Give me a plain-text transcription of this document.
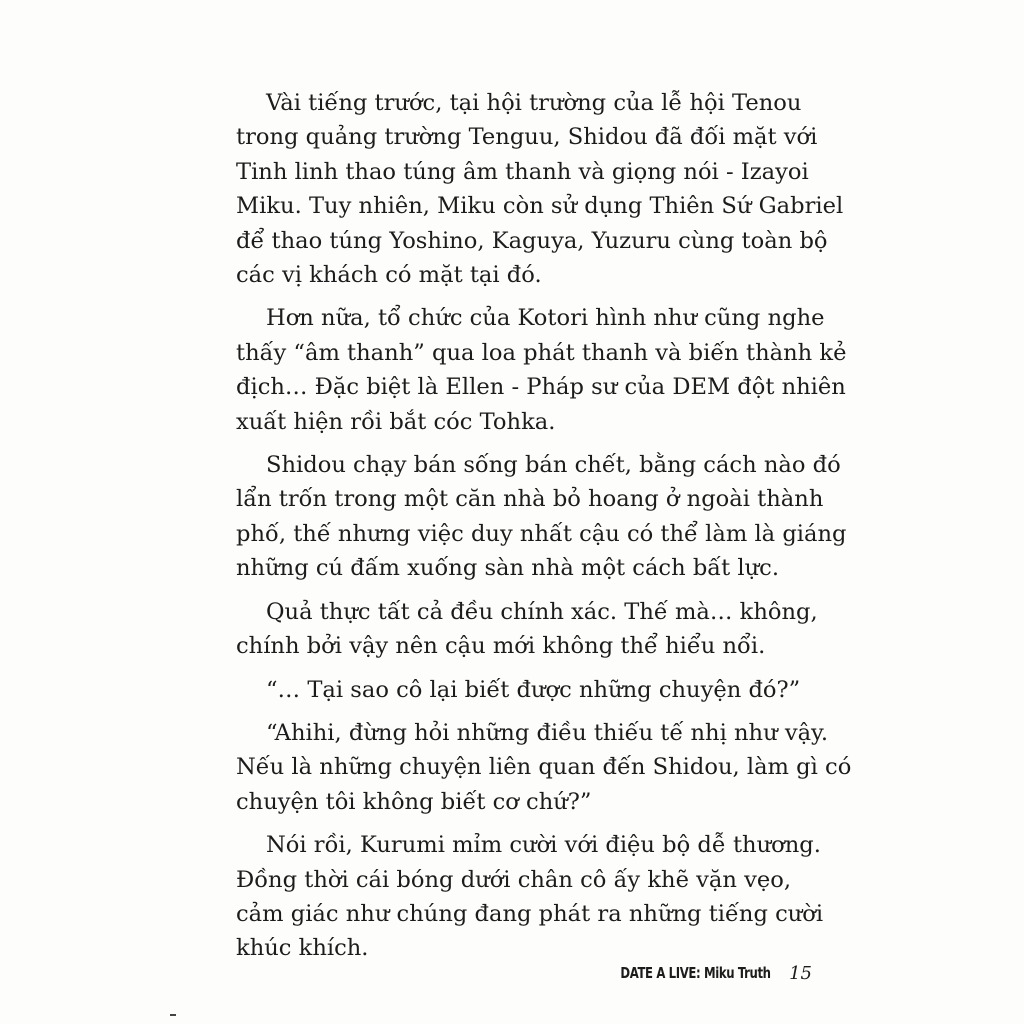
Vài tiếng trước, tại hội trường của lễ hội Tenou
trong quảng trường Tenguu, Shidou đã đối mặt với
Tinh linh thao túng âm thanh và giọng nói - Izayoi
Miku. Tuy nhiên, Miku còn sử dụng Thiên Sứ Gabriel
để thao túng Yoshino, Kaguya, Yuzuru cùng toàn bộ
các vị khách có mặt tại đó.

Hơn nữa, tổ chức của Kotori hình như cũng nghe
thấy “âm thanh” qua loa phát thanh và biến thành kẻ
địch… Đặc biệt là Ellen - Pháp sư của DEM đột nhiên
xuất hiện rồi bắt cóc Tohka.

Shidou chạy bán sống bán chết, bằng cách nào đó
lẩn trốn trong một căn nhà bỏ hoang ở ngoài thành
phố, thế nhưng việc duy nhất cậu có thể làm là giáng
những cú đấm xuống sàn nhà một cách bất lực.

Quả thực tất cả đều chính xác. Thế mà… không,
chính bởi vậy nên cậu mới không thể hiểu nổi.

“… Tại sao cô lại biết được những chuyện đó?”

“Ahihi, đừng hỏi những điều thiếu tế nhị như vậy.
Nếu là những chuyện liên quan đến Shidou, làm gì có
chuyện tôi không biết cơ chứ?”

Nói rồi, Kurumi mỉm cười với điệu bộ dễ thương.
Đồng thời cái bóng dưới chân cô ấy khẽ vặn vẹo,
cảm giác như chúng đang phát ra những tiếng cười
khúc khích.

DATE A LIVE: Miku Truth 15
